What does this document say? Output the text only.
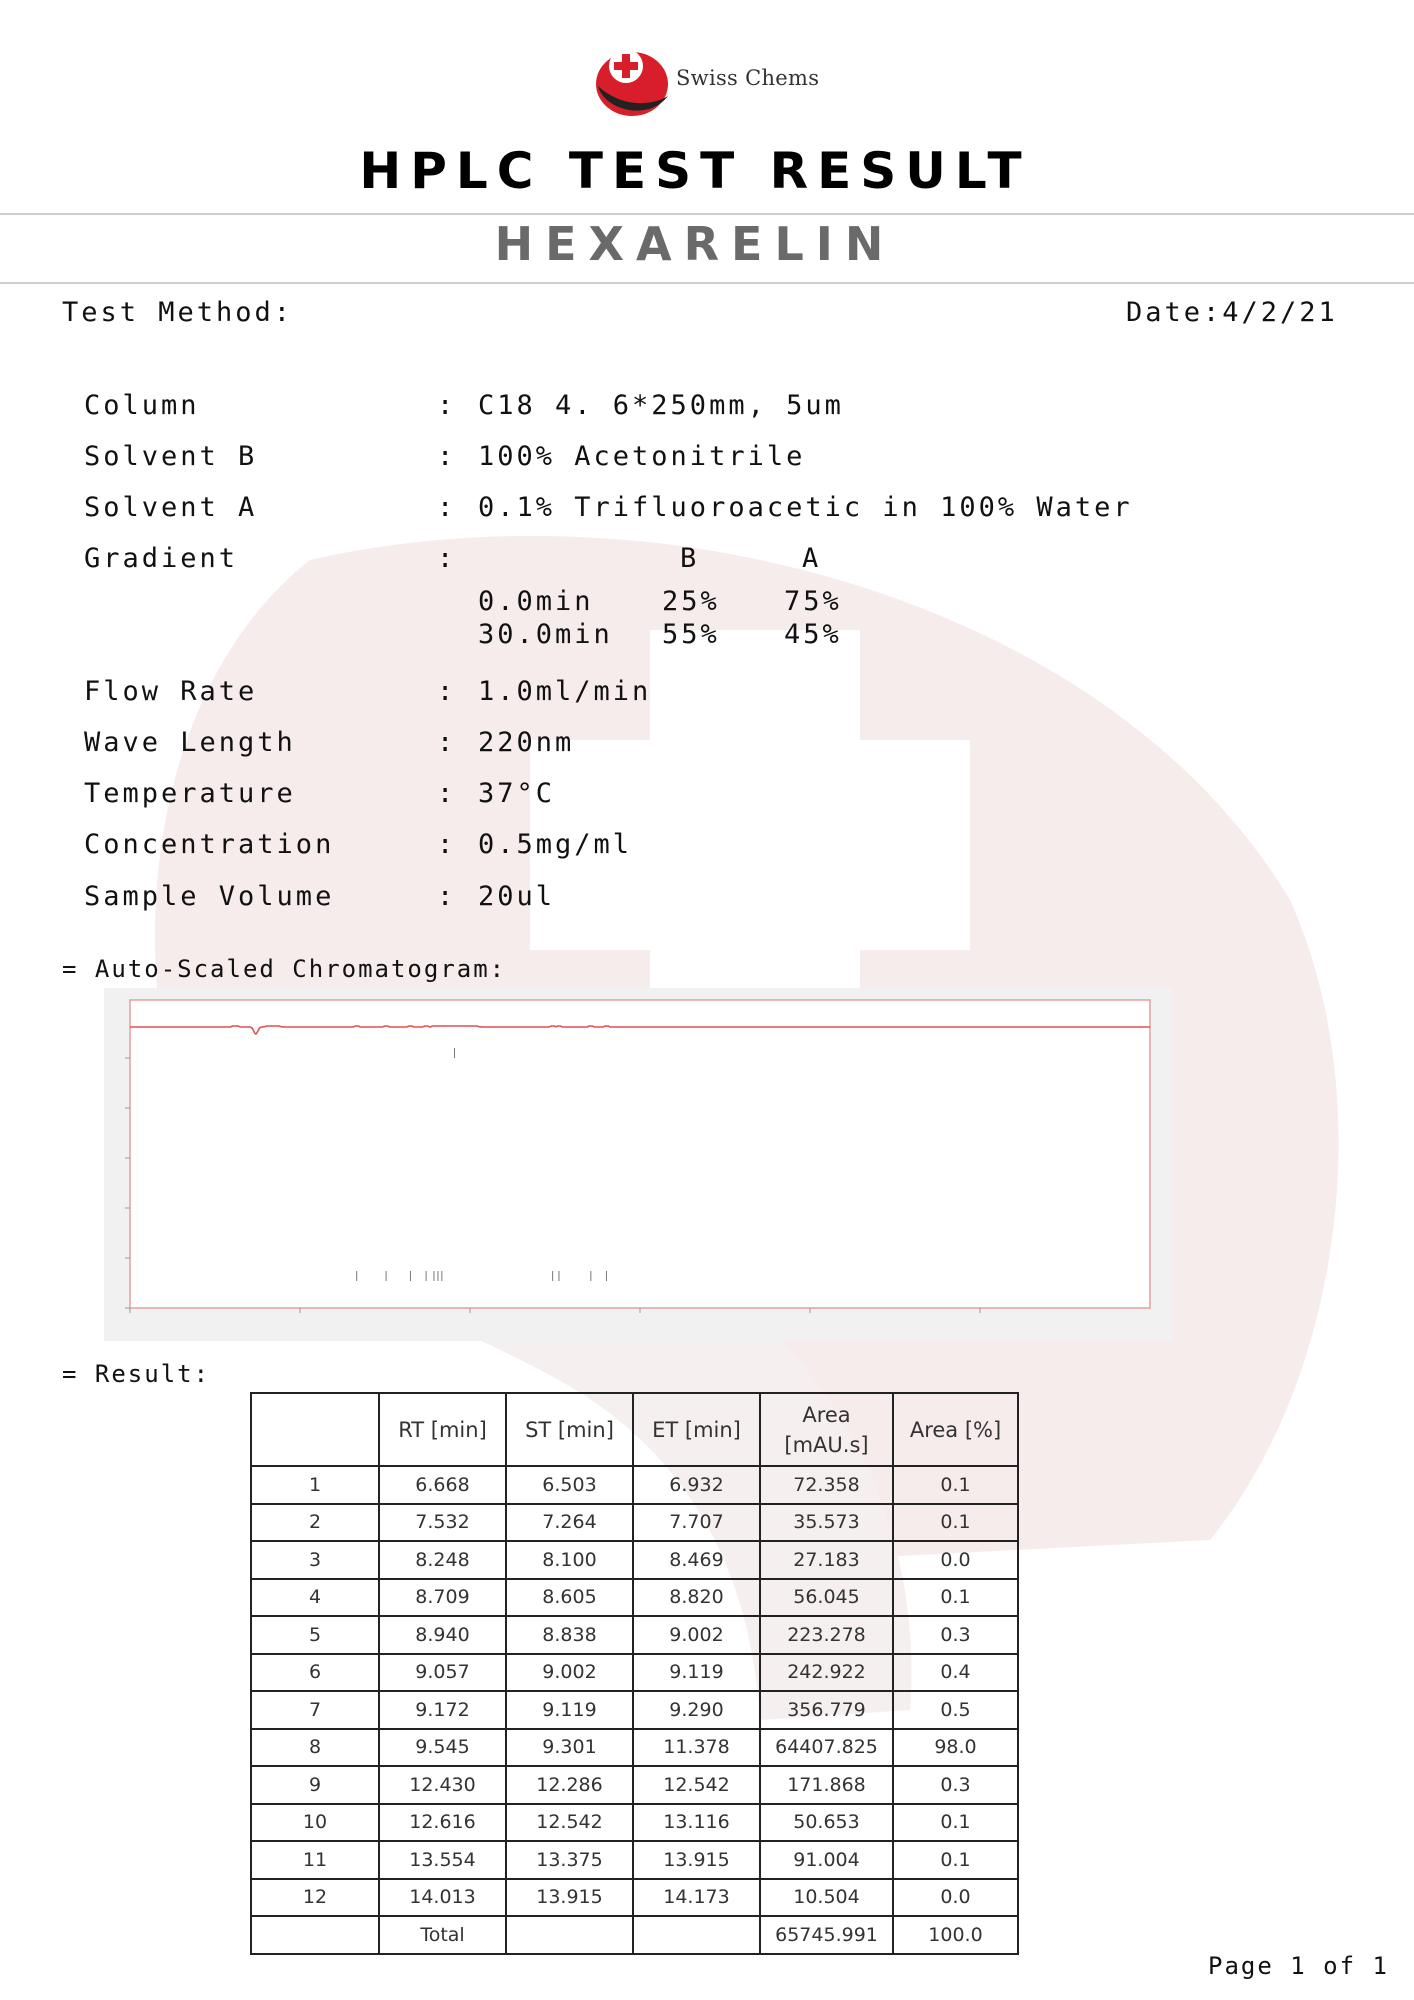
Swiss Chems
HPLC TEST RESULT
HEXARELIN
Test Method:	Date:4/2/21
Column	: C18 4. 6*250mm, 5um
Solvent B	: 100% Acetonitrile
Solvent A	: 0.1% Trifluoroacetic in 100% Water
Gradient	:	B	A
0.0min	25% 75%
30.0min 55% 45%
Flow Rate	: 1.0ml/min
Wave Length	: 220nm
Temperature	: 37°C
Concentration	: 0.5mg/ml
Sample Volume	: 20ul
= Auto-Scaled Chromatogram:
= Result:
	RT [min]	ST [min]	ET [min]	Area [mAU.s]	Area [%]
1	6.668	6.503	6.932	72.358	0.1
2	7.532	7.264	7.707	35.573	0.1
3	8.248	8.100	8.469	27.183	0.0
4	8.709	8.605	8.820	56.045	0.1
5	8.940	8.838	9.002	223.278	0.3
6	9.057	9.002	9.119	242.922	0.4
7	9.172	9.119	9.290	356.779	0.5
8	9.545	9.301	11.378	64407.825	98.0
9	12.430	12.286	12.542	171.868	0.3
10	12.616	12.542	13.116	50.653	0.1
11	13.554	13.375	13.915	91.004	0.1
12	14.013	13.915	14.173	10.504	0.0
	Total			65745.991	100.0
Page 1 of 1
